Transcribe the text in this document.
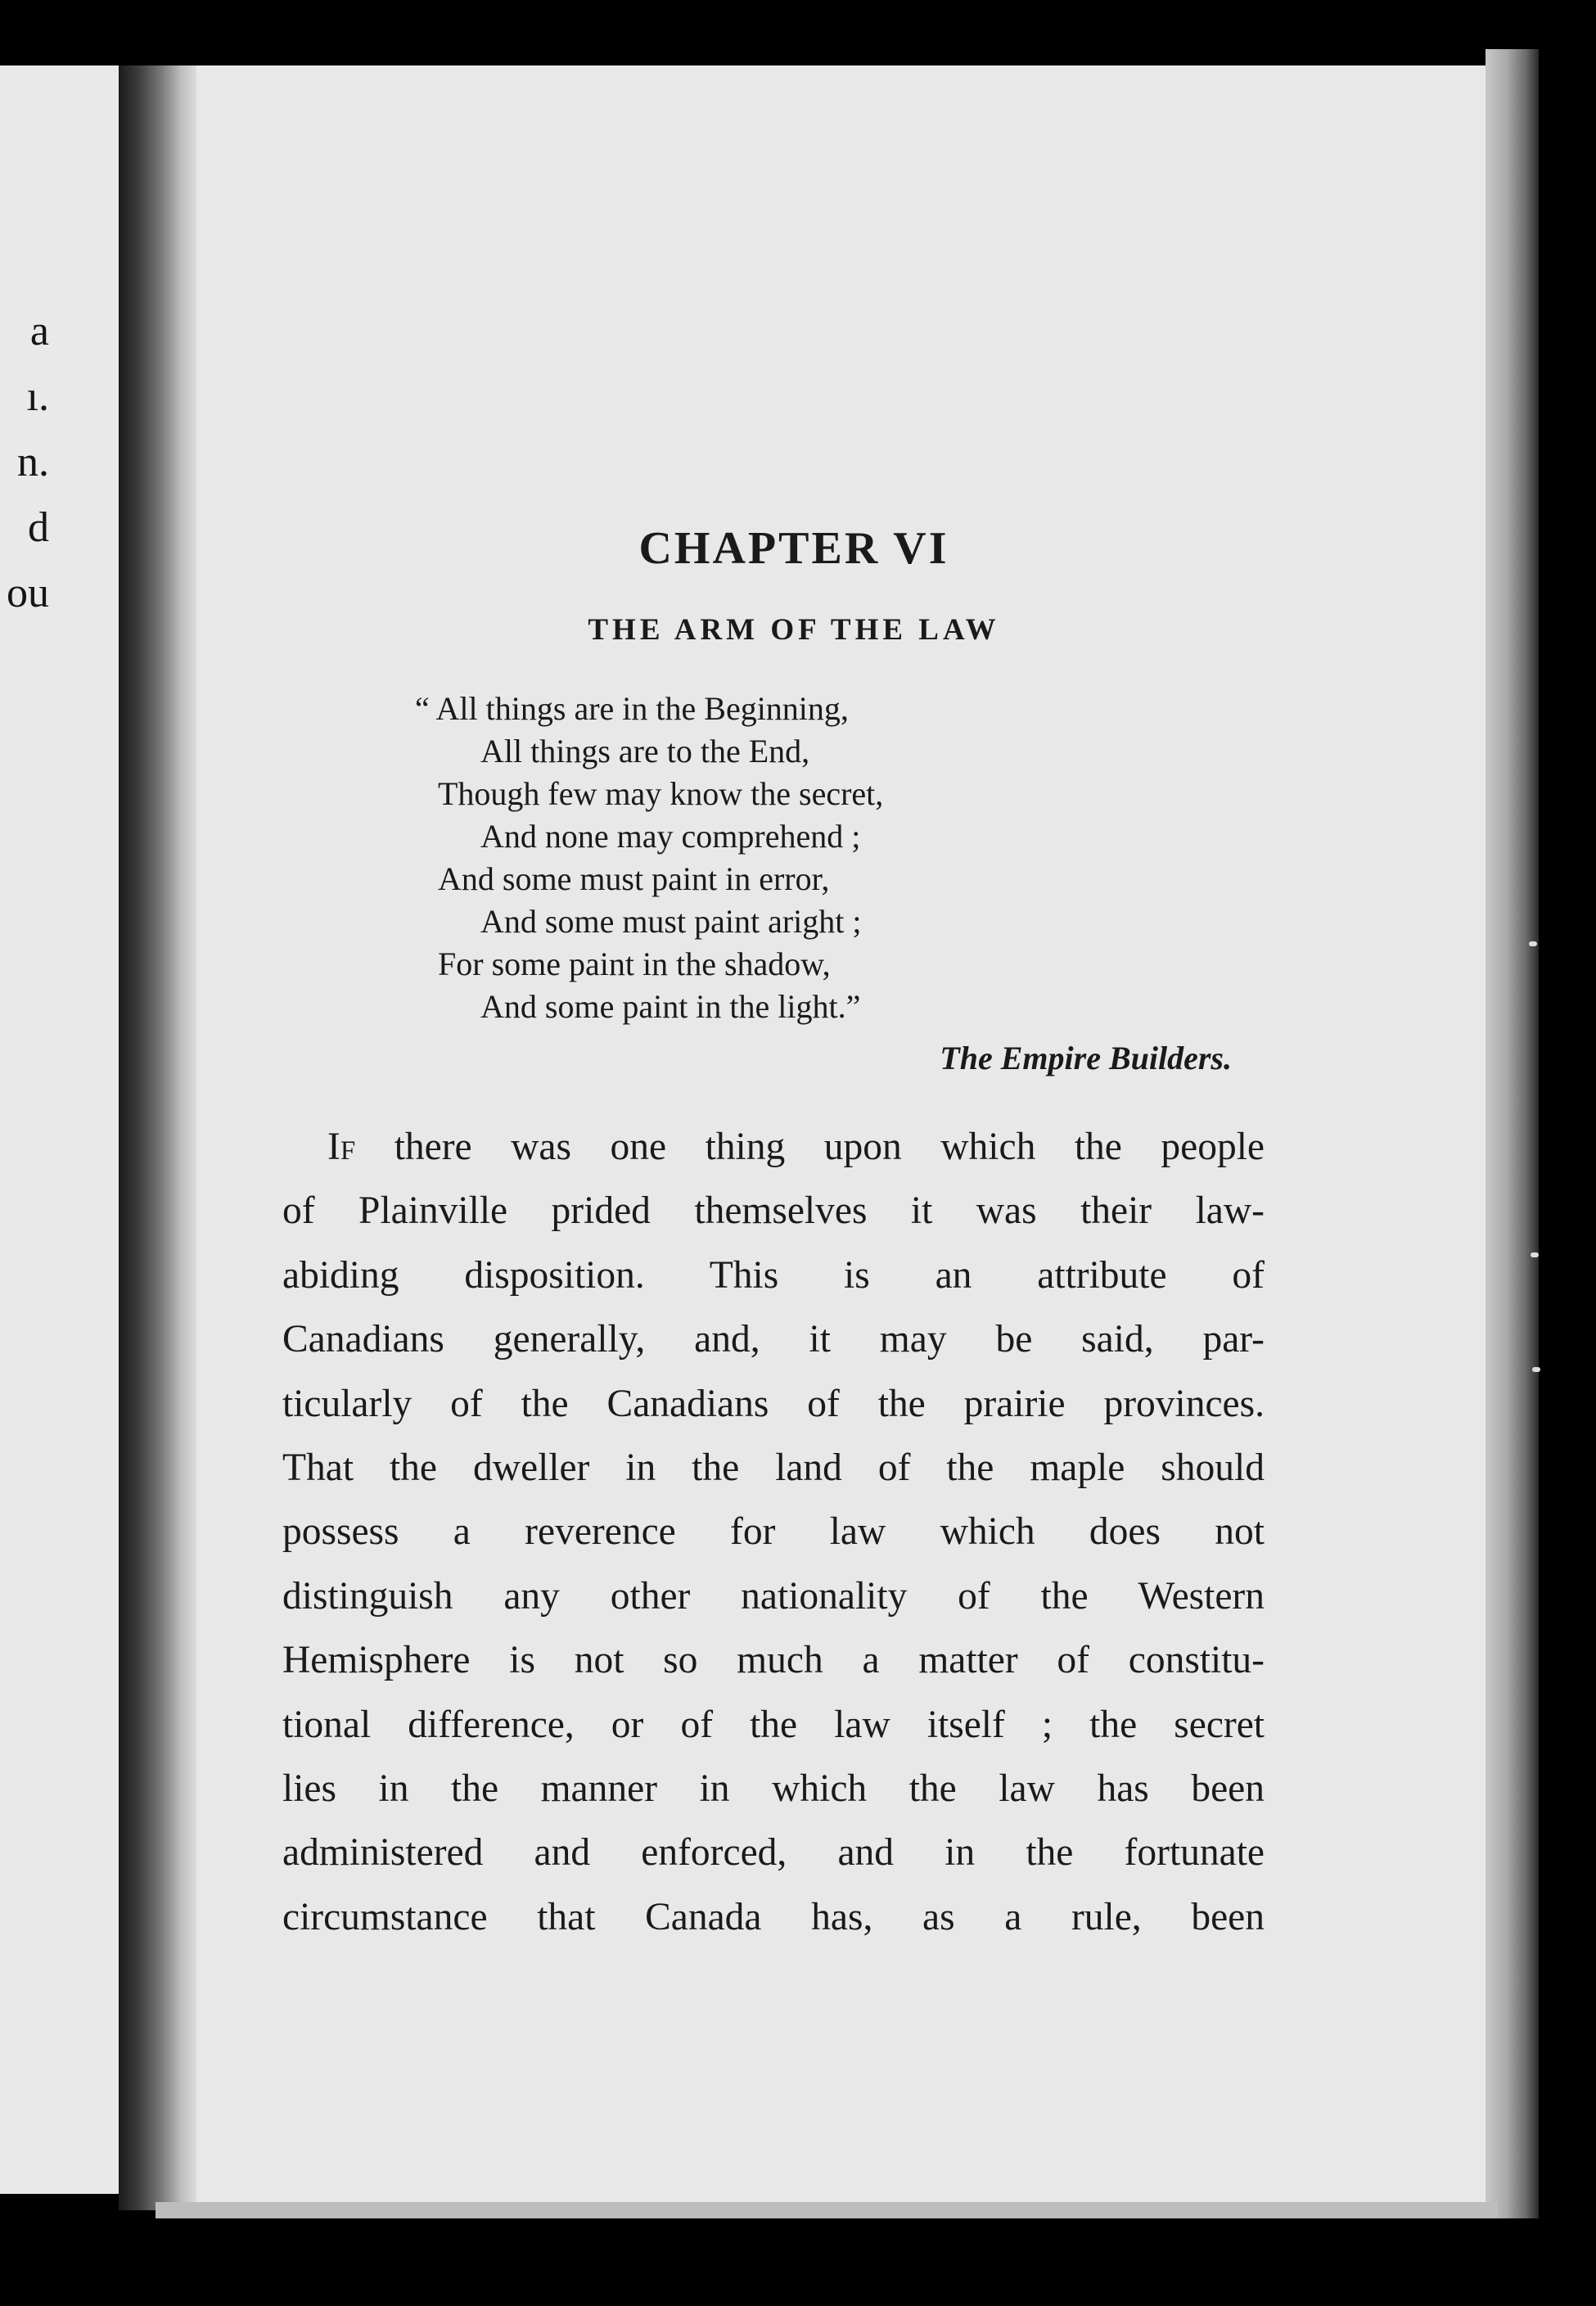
a
ı.
n.
d
ou
CHAPTER VI
THE ARM OF THE LAW
“ All things are in the Beginning,
All things are to the End,
Though few may know the secret,
And none may comprehend ;
And some must paint in error,
And some must paint aright ;
For some paint in the shadow,
And some paint in the light.”
The Empire Builders.
If there was one thing upon which the people
of Plainville prided themselves it was their law-
abiding disposition. This is an attribute of
Canadians generally, and, it may be said, par-
ticularly of the Canadians of the prairie provinces.
That the dweller in the land of the maple should
possess a reverence for law which does not
distinguish any other nationality of the Western
Hemisphere is not so much a matter of constitu-
tional difference, or of the law itself ; the secret
lies in the manner in which the law has been
administered and enforced, and in the fortunate
circumstance that Canada has, as a rule, been
